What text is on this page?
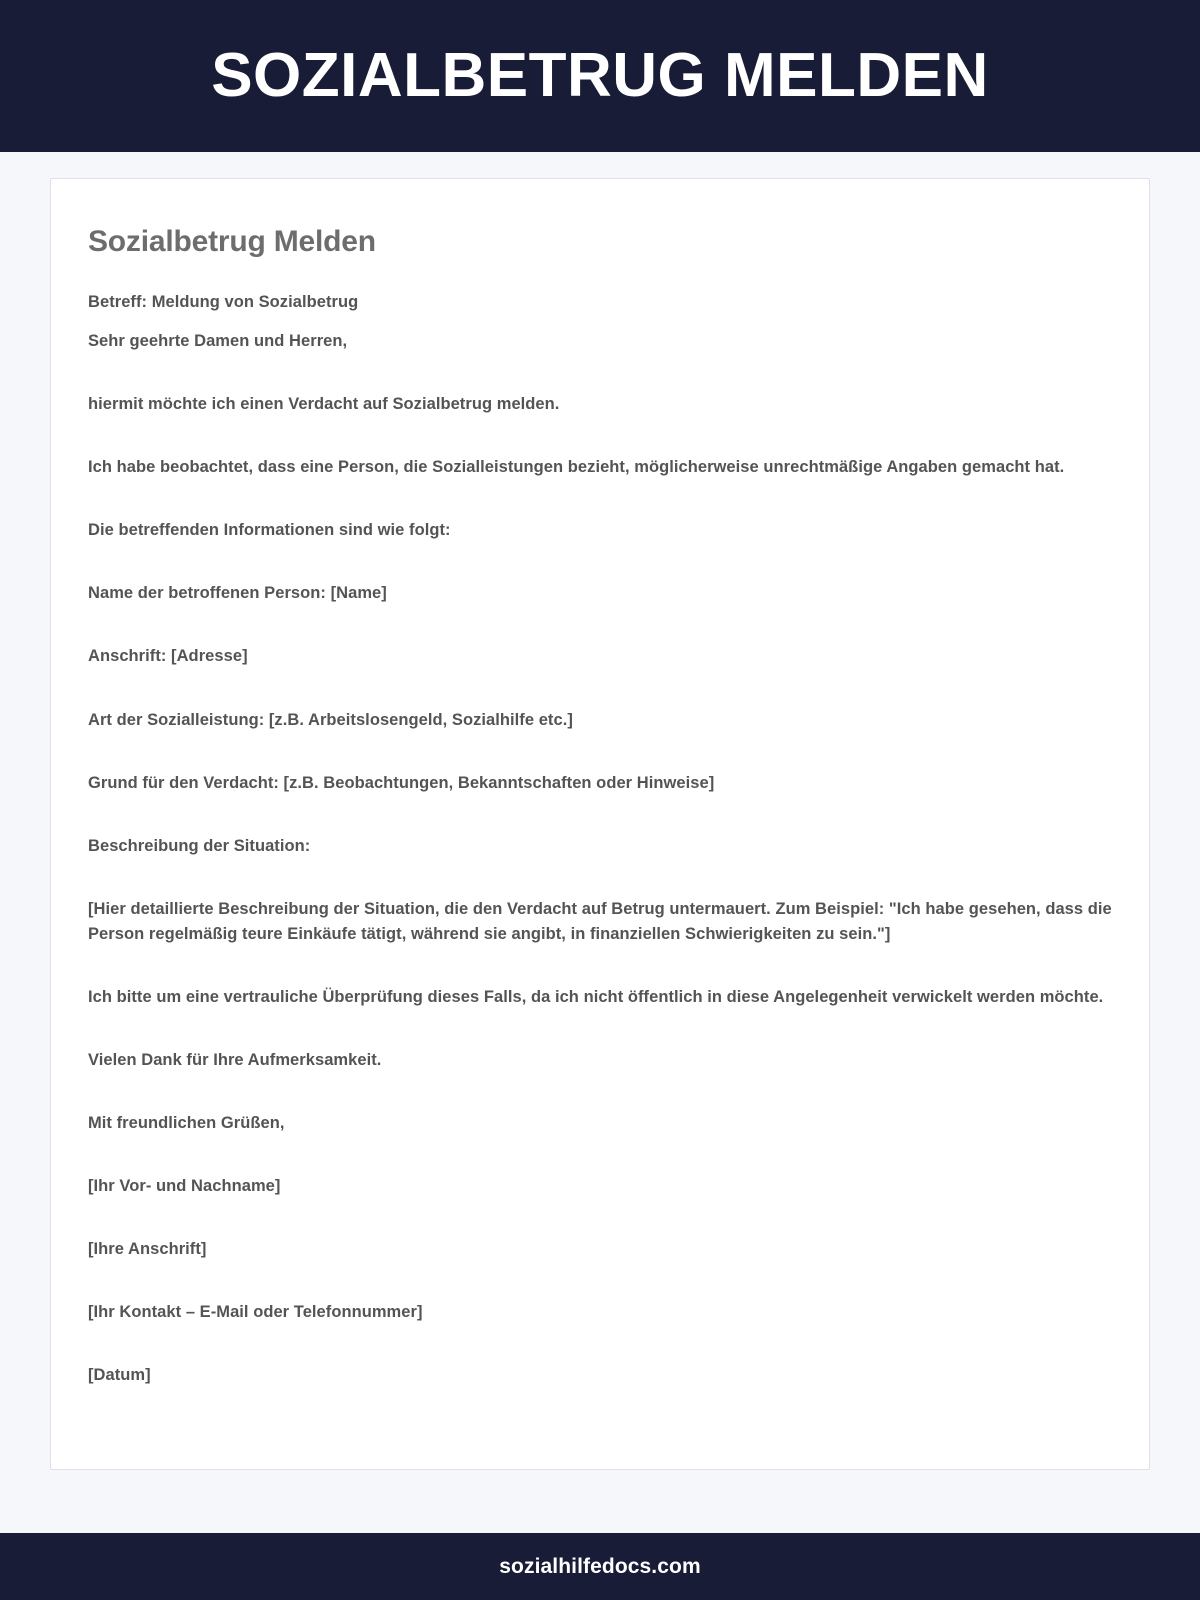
SOZIALBETRUG MELDEN
Sozialbetrug Melden

Betreff: Meldung von Sozialbetrug

Sehr geehrte Damen und Herren,

hiermit möchte ich einen Verdacht auf Sozialbetrug melden.

Ich habe beobachtet, dass eine Person, die Sozialleistungen bezieht, möglicherweise unrechtmäßige Angaben gemacht hat.

Die betreffenden Informationen sind wie folgt:

Name der betroffenen Person: [Name]

Anschrift: [Adresse]

Art der Sozialleistung: [z.B. Arbeitslosengeld, Sozialhilfe etc.]

Grund für den Verdacht: [z.B. Beobachtungen, Bekanntschaften oder Hinweise]

Beschreibung der Situation:

[Hier detaillierte Beschreibung der Situation, die den Verdacht auf Betrug untermauert. Zum Beispiel: "Ich habe gesehen, dass die Person regelmäßig teure Einkäufe tätigt, während sie angibt, in finanziellen Schwierigkeiten zu sein."]

Ich bitte um eine vertrauliche Überprüfung dieses Falls, da ich nicht öffentlich in diese Angelegenheit verwickelt werden möchte.

Vielen Dank für Ihre Aufmerksamkeit.

Mit freundlichen Grüßen,

[Ihr Vor- und Nachname]

[Ihre Anschrift]

[Ihr Kontakt – E-Mail oder Telefonnummer]

[Datum]

sozialhilfedocs.com
